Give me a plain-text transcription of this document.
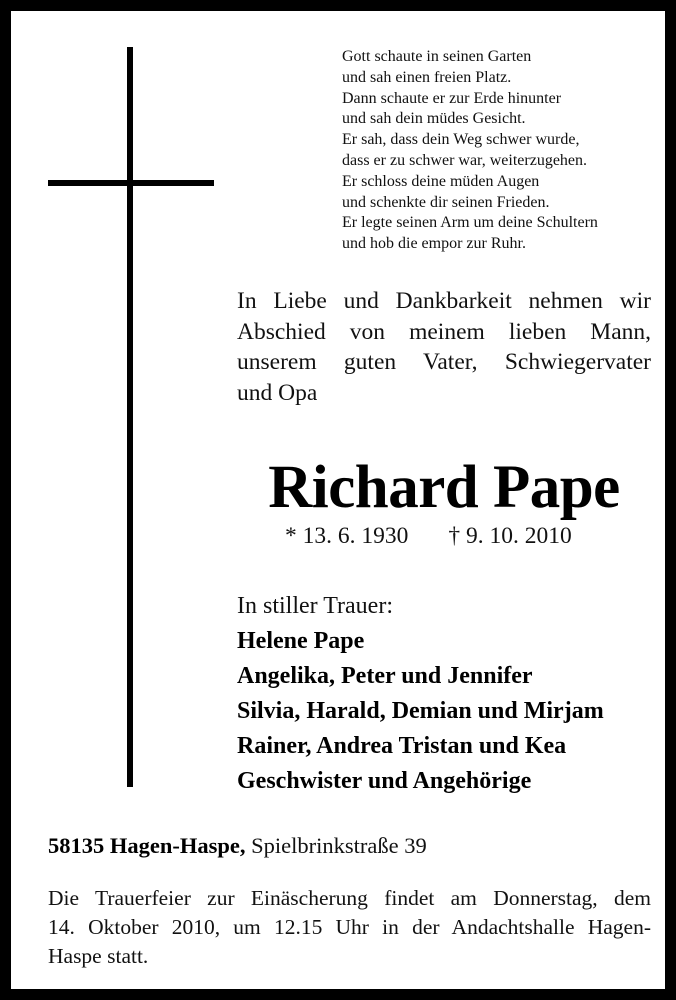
Gott schaute in seinen Garten
und sah einen freien Platz.
Dann schaute er zur Erde hinunter
und sah dein müdes Gesicht.
Er sah, dass dein Weg schwer wurde,
dass er zu schwer war, weiterzugehen.
Er schloss deine müden Augen
und schenkte dir seinen Frieden.
Er legte seinen Arm um deine Schultern
und hob die empor zur Ruhr.
In Liebe und Dankbarkeit nehmen wir
Abschied von meinem lieben Mann,
unserem guten Vater, Schwiegervater
und Opa
Richard Pape
* 13. 6. 1930 † 9. 10. 2010
In stiller Trauer:
Helene Pape
Angelika, Peter und Jennifer
Silvia, Harald, Demian und Mirjam
Rainer, Andrea Tristan und Kea
Geschwister und Angehörige
58135 Hagen-Haspe, Spielbrinkstraße 39
Die Trauerfeier zur Einäscherung findet am Donnerstag, dem
14. Oktober 2010, um 12.15 Uhr in der Andachtshalle Hagen-
Haspe statt.
